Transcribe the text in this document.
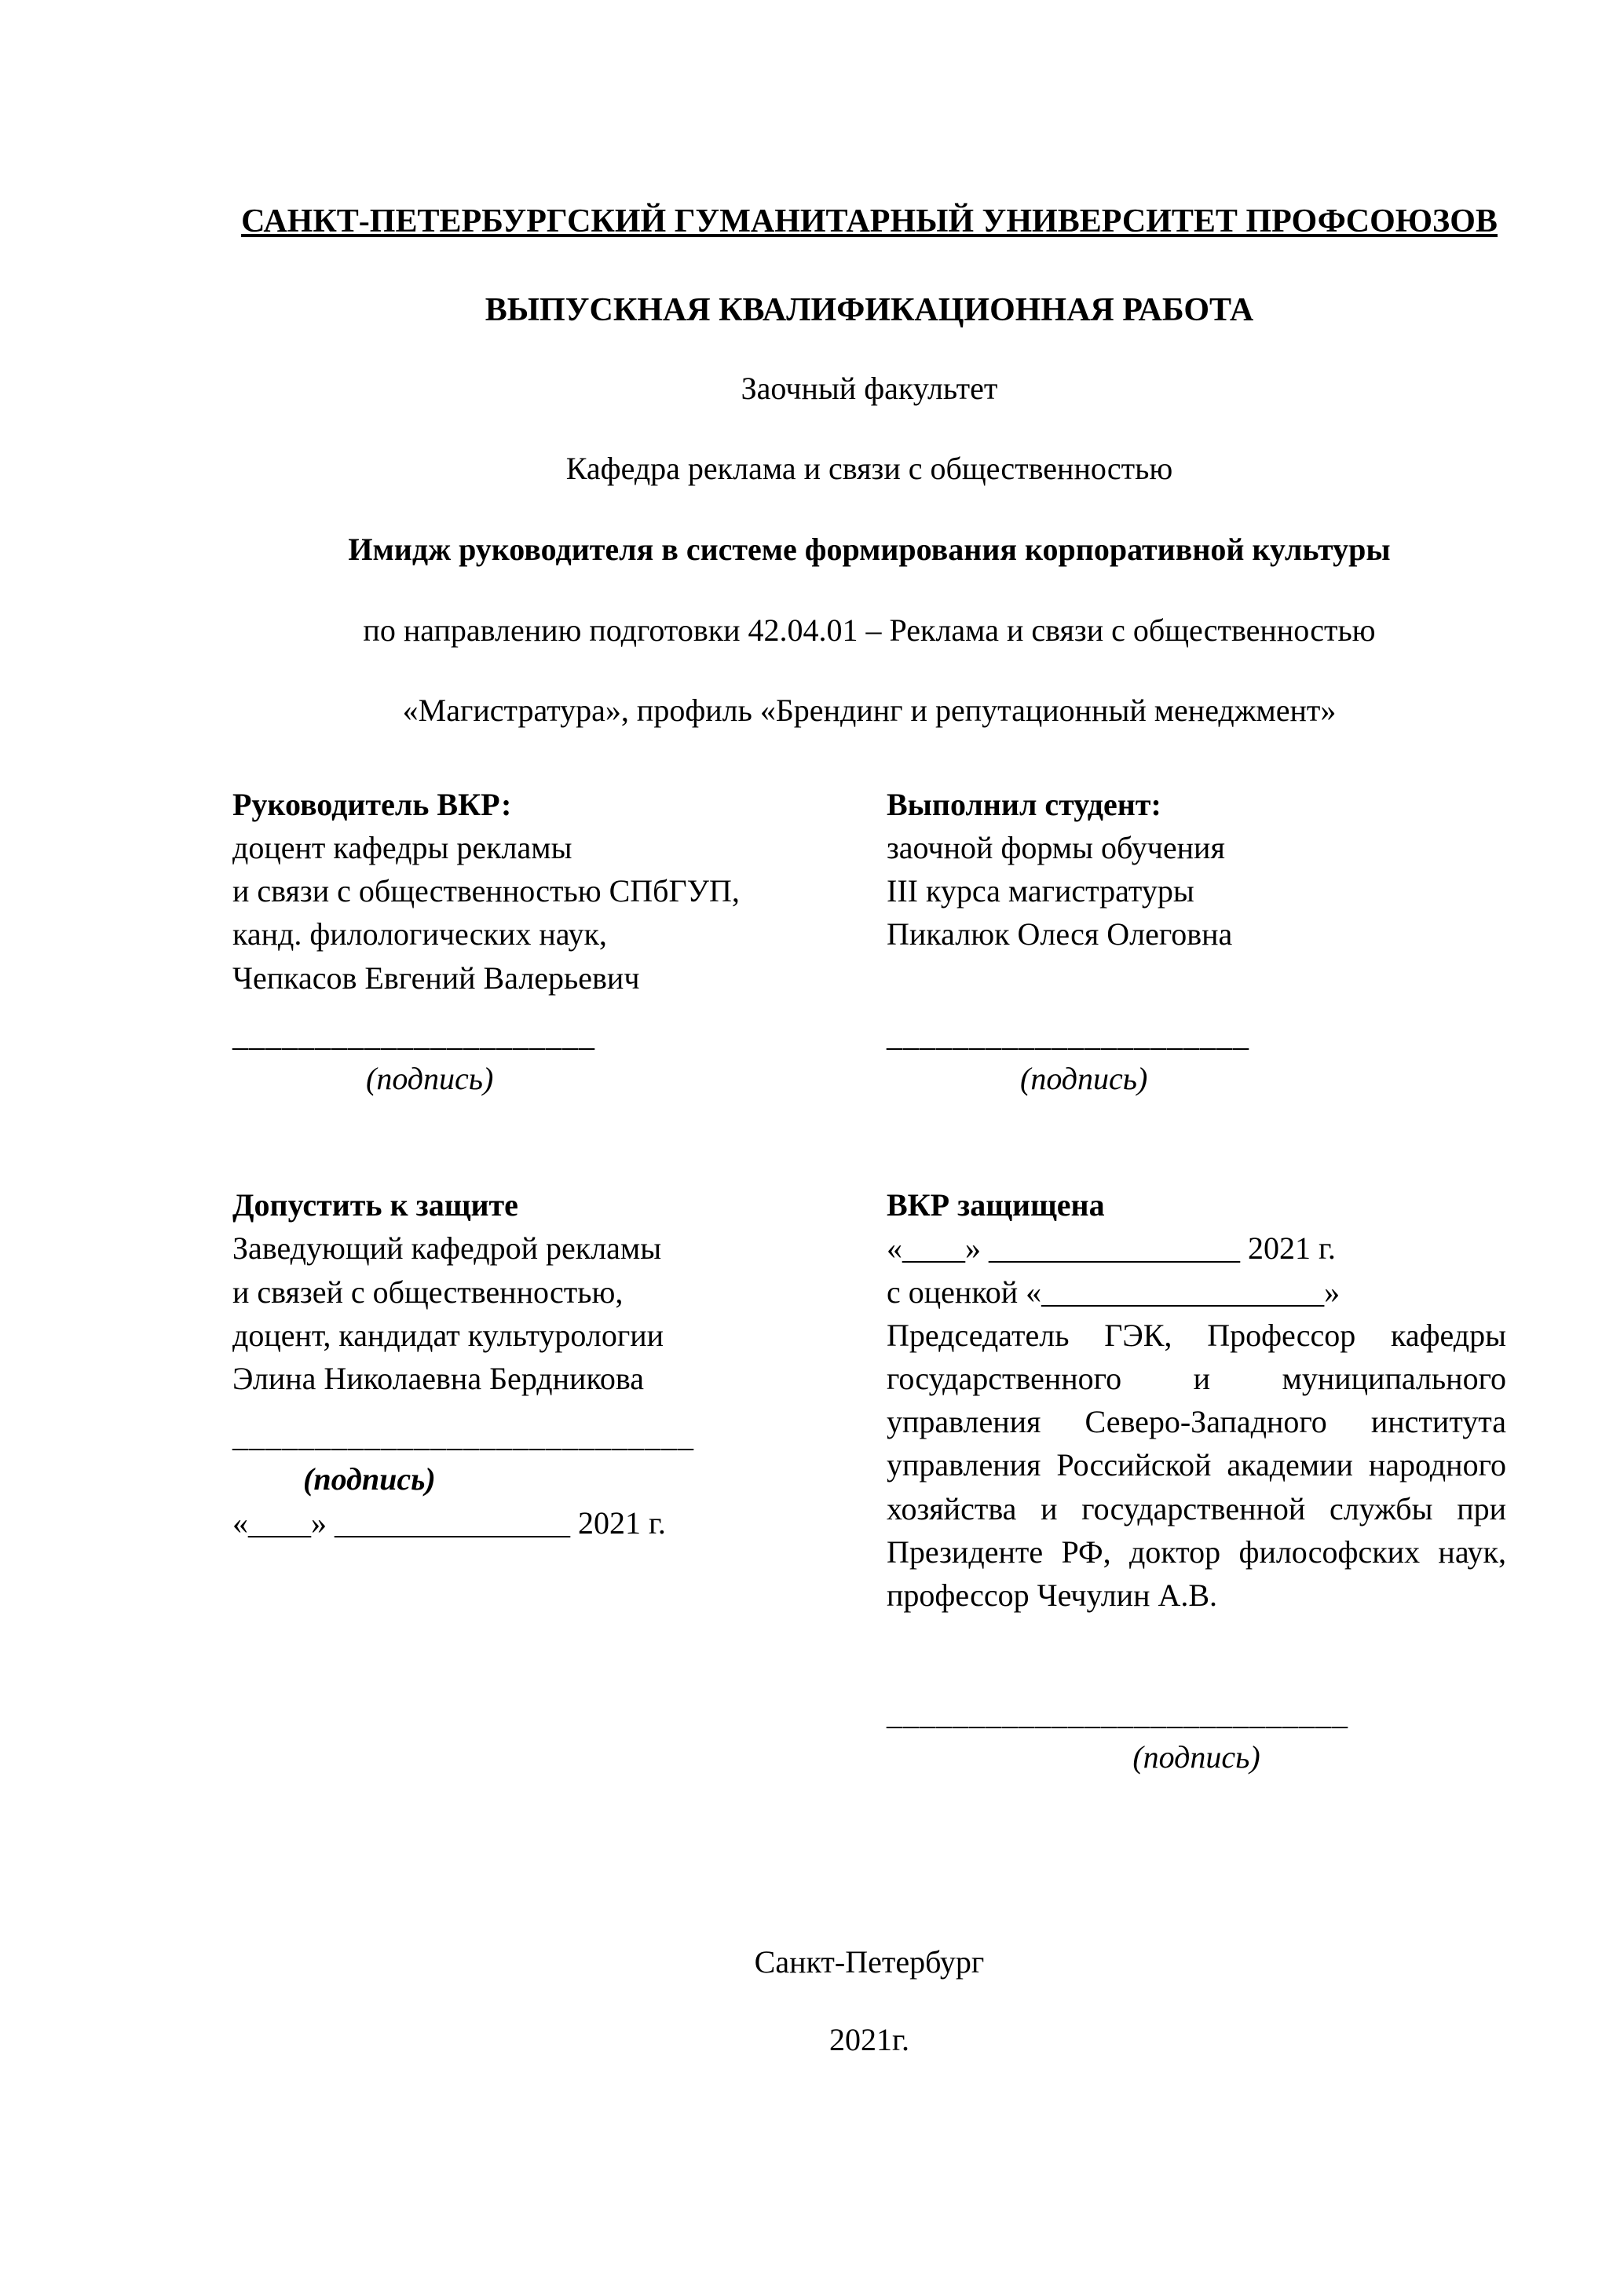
САНКТ-ПЕТЕРБУРГСКИЙ ГУМАНИТАРНЫЙ УНИВЕРСИТЕТ ПРОФСОЮЗОВ
ВЫПУСКНАЯ КВАЛИФИКАЦИОННАЯ РАБОТА
Заочный факультет
Кафедра реклама и связи с общественностью
Имидж руководителя в системе формирования корпоративной культуры
по направлению подготовки 42.04.01 – Реклама и связи с общественностью
«Магистратура», профиль «Брендинг и репутационный менеджмент»
Руководитель ВКР:
доцент кафедры рекламы
и связи с общественностью СПбГУП,
канд. филологических наук,
Чепкасов Евгений Валерьевич
______________________
(подпись)
Выполнил студент:
заочной формы обучения
III курса магистратуры
Пикалюк Олеся Олеговна
______________________
(подпись)
Допустить к защите
Заведующий кафедрой рекламы
и связей с общественностью,
доцент, кандидат культурологии
Элина Николаевна Бердникова
____________________________
(подпись)
«____» _______________ 2021 г.
ВКР защищена
«____» ________________ 2021 г.
с оценкой «__________________»
Председатель ГЭК, Профессор кафедры государственного и муниципального управления Северо-Западного института управления Российской академии народного хозяйства и государственной службы при Президенте РФ, доктор философских наук, профессор Чечулин А.В.
____________________________
(подпись)
Санкт-Петербург
2021г.
